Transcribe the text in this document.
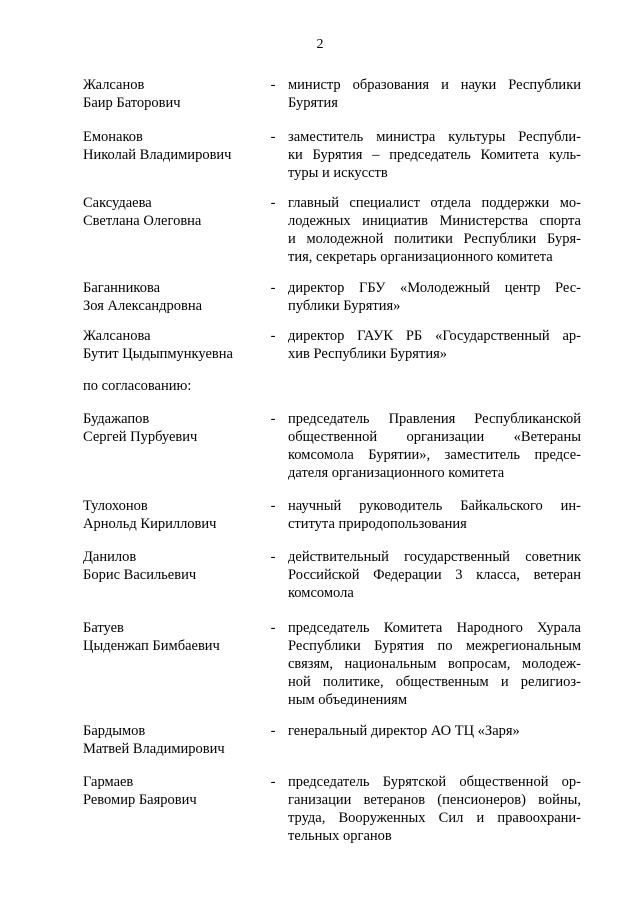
2
Жалсанов
Баир Баторович
- министр образования и науки Республики
Бурятия
Емонаков
Николай Владимирович
- заместитель министра культуры Республи-
ки Бурятия – председатель Комитета куль-
туры и искусств
Саксудаева
Светлана Олеговна
- главный специалист отдела поддержки мо-
лодежных инициатив Министерства спорта
и молодежной политики Республики Буря-
тия, секретарь организационного комитета
Баганникова
Зоя Александровна
- директор ГБУ «Молодежный центр Рес-
публики Бурятия»
Жалсанова
Бутит Цыдыпмункуевна
- директор ГАУК РБ «Государственный ар-
хив Республики Бурятия»
по согласованию:
Будажапов
Сергей Пурбуевич
- председатель Правления Республиканской
общественной организации «Ветераны
комсомола Бурятии», заместитель предсе-
дателя организационного комитета
Тулохонов
Арнольд Кириллович
- научный руководитель Байкальского ин-
ститута природопользования
Данилов
Борис Васильевич
- действительный государственный советник
Российской Федерации 3 класса, ветеран
комсомола
Батуев
Цыденжап Бимбаевич
- председатель Комитета Народного Хурала
Республики Бурятия по межрегиональным
связям, национальным вопросам, молодеж-
ной политике, общественным и религиоз-
ным объединениям
Бардымов
Матвей Владимирович
- генеральный директор АО ТЦ «Заря»
Гармаев
Ревомир Баярович
- председатель Бурятской общественной ор-
ганизации ветеранов (пенсионеров) войны,
труда, Вооруженных Сил и правоохрани-
тельных органов
